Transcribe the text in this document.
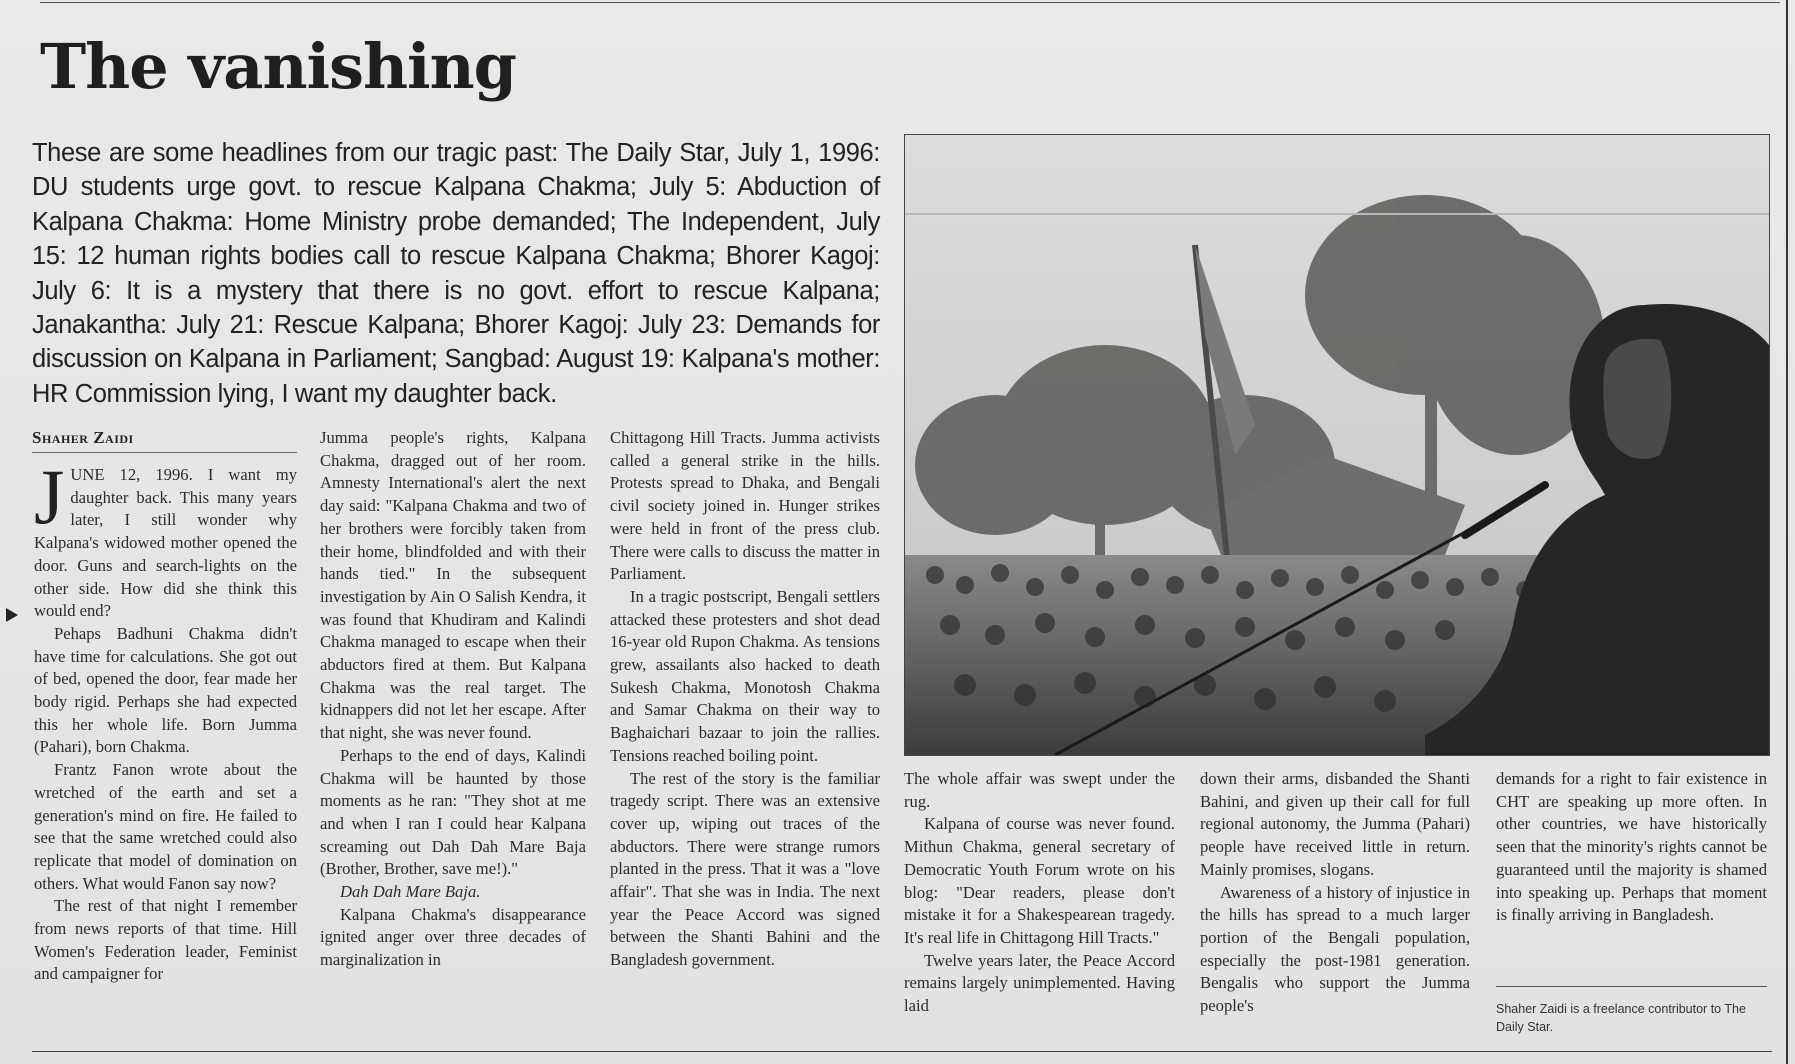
The vanishing
These are some headlines from our tragic past: The Daily Star, July 1, 1996: DU students urge govt. to rescue Kalpana Chakma; July 5: Abduction of Kalpana Chakma: Home Ministry probe demanded; The Independent, July 15: 12 human rights bodies call to rescue Kalpana Chakma; Bhorer Kagoj: July 6: It is a mystery that there is no govt. effort to rescue Kalpana; Janakantha: July 21: Rescue Kalpana; Bhorer Kagoj: July 23: Demands for discussion on Kalpana in Parliament; Sangbad: August 19: Kalpana's mother: HR Commission lying, I want my daughter back.
Shaher Zaidi

JUNE 12, 1996. I want my daughter back. This many years later, I still wonder why Kalpana's widowed mother opened the door. Guns and search-lights on the other side. How did she think this would end?

Pehaps Badhuni Chakma didn't have time for calculations. She got out of bed, opened the door, fear made her body rigid. Perhaps she had expected this her whole life. Born Jumma (Pahari), born Chakma.

Frantz Fanon wrote about the wretched of the earth and set a generation's mind on fire. He failed to see that the same wretched could also replicate that model of domination on others. What would Fanon say now?

The rest of that night I remember from news reports of that time. Hill Women's Federation leader, Feminist and campaigner for

Jumma people's rights, Kalpana Chakma, dragged out of her room. Amnesty International's alert the next day said: "Kalpana Chakma and two of her brothers were forcibly taken from their home, blindfolded and with their hands tied." In the subsequent investigation by Ain O Salish Kendra, it was found that Khudiram and Kalindi Chakma managed to escape when their abductors fired at them. But Kalpana Chakma was the real target. The kidnappers did not let her escape. After that night, she was never found.

Perhaps to the end of days, Kalindi Chakma will be haunted by those moments as he ran: "They shot at me and when I ran I could hear Kalpana screaming out Dah Dah Mare Baja (Brother, Brother, save me!)."

Dah Dah Mare Baja.

Kalpana Chakma's disappearance ignited anger over three decades of marginalization in

Chittagong Hill Tracts. Jumma activists called a general strike in the hills. Protests spread to Dhaka, and Bengali civil society joined in. Hunger strikes were held in front of the press club. There were calls to discuss the matter in Parliament.

In a tragic postscript, Bengali settlers attacked these protesters and shot dead 16-year old Rupon Chakma. As tensions grew, assailants also hacked to death Sukesh Chakma, Monotosh Chakma and Samar Chakma on their way to Baghaichari bazaar to join the rallies. Tensions reached boiling point.

The rest of the story is the familiar tragedy script. There was an extensive cover up, wiping out traces of the abductors. There were strange rumors planted in the press. That it was a "love affair". That she was in India. The next year the Peace Accord was signed between the Shanti Bahini and the Bangladesh government.

The whole affair was swept under the rug.

Kalpana of course was never found. Mithun Chakma, general secretary of Democratic Youth Forum wrote on his blog: "Dear readers, please don't mistake it for a Shakespearean tragedy. It's real life in Chittagong Hill Tracts."

Twelve years later, the Peace Accord remains largely unimplemented. Having laid

down their arms, disbanded the Shanti Bahini, and given up their call for full regional autonomy, the Jumma (Pahari) people have received little in return. Mainly promises, slogans.

Awareness of a history of injustice in the hills has spread to a much larger portion of the Bengali population, especially the post-1981 generation. Bengalis who support the Jumma people's

demands for a right to fair existence in CHT are speaking up more often. In other countries, we have historically seen that the minority's rights cannot be guaranteed until the majority is shamed into speaking up. Perhaps that moment is finally arriving in Bangladesh.

Shaher Zaidi is a freelance contributor to The Daily Star.
